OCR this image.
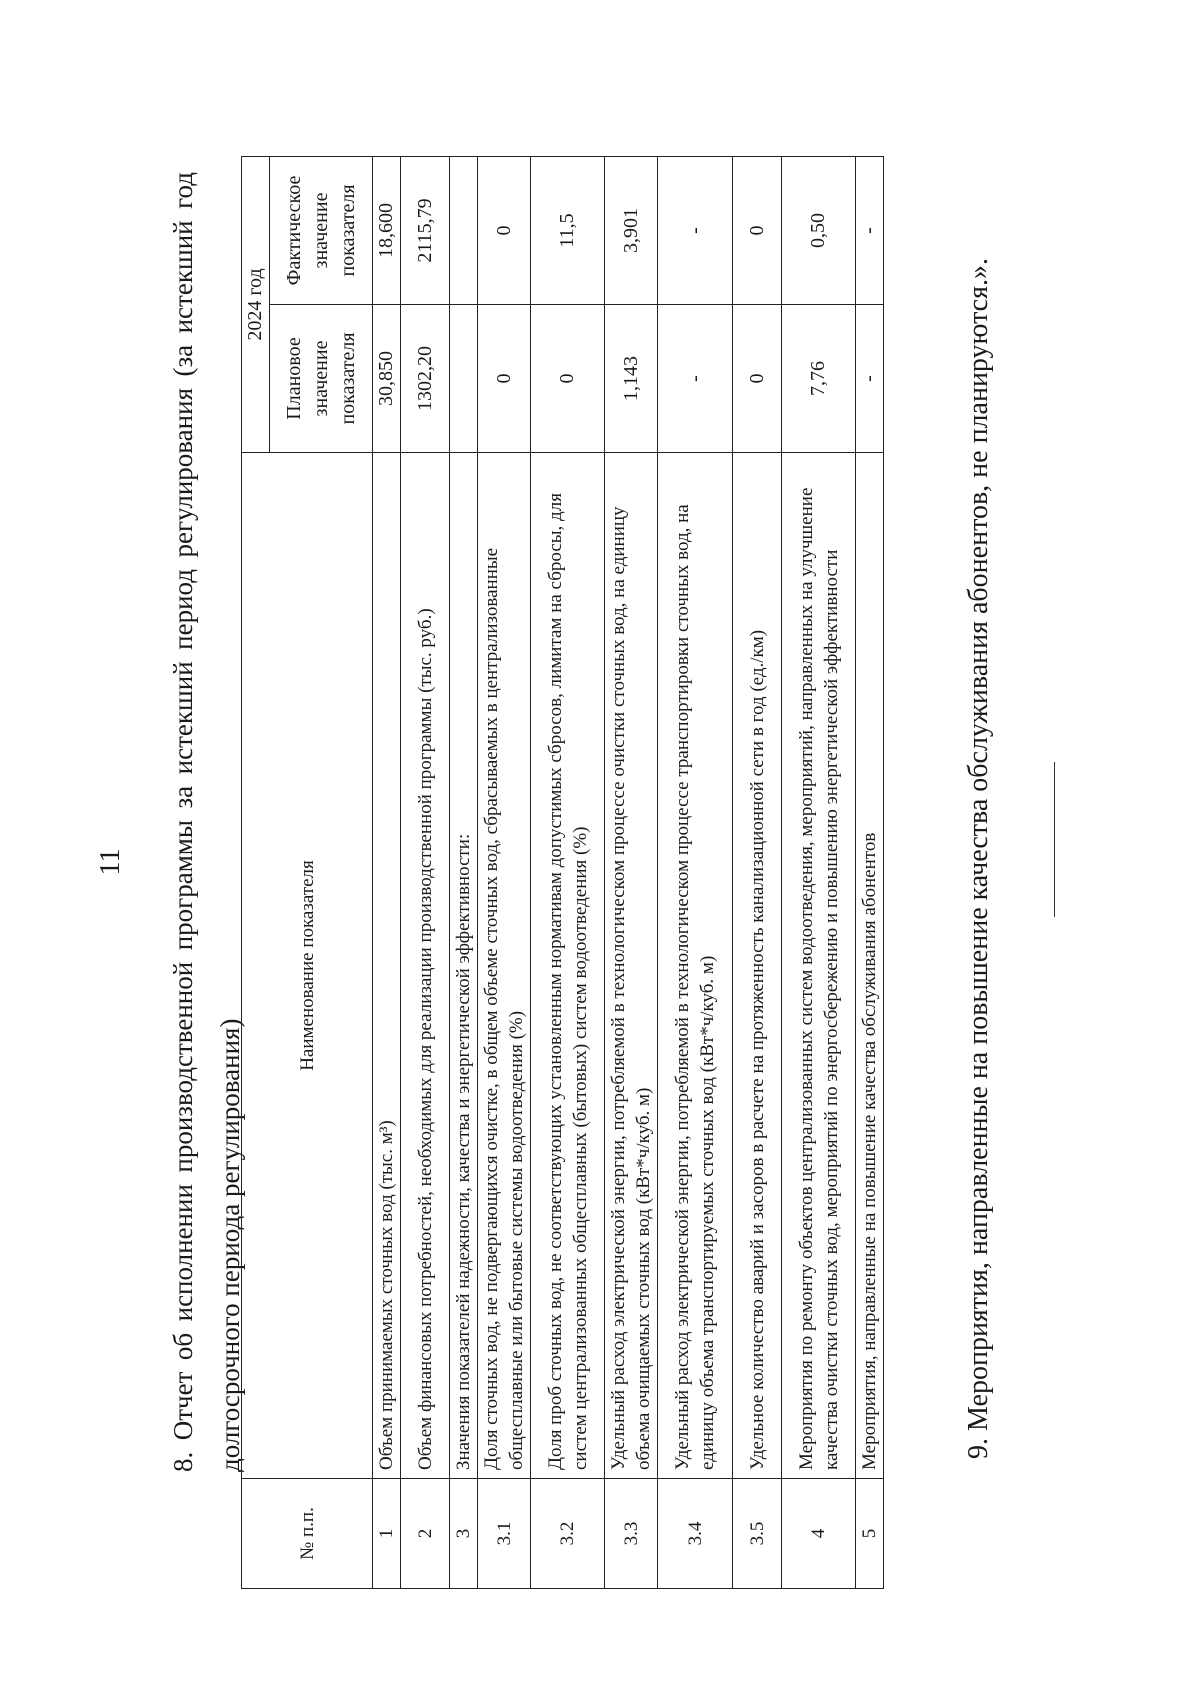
11 8. Отчет об исполнении производственной программы за истекший период регулирования (за истекший год долгосрочного периода регулирования)
№ п.п.	Наименование показателя	2024 год	
		Плановое значение показателя	Фактическое значение показателя
1	Объем принимаемых сточных вод (тыс. м³)	30,850	18,600
2	Объем финансовых потребностей, необходимых для реализации производственной программы (тыс. руб.)	1302,20	2115,79
3	Значения показателей надежности, качества и энергетической эффективности:		
3.1	Доля сточных вод, не подвергающихся очистке, в общем объеме сточных вод, сбрасываемых в централизованные общесплавные или бытовые системы водоотведения (%)	0	0
3.2	Доля проб сточных вод, не соответствующих установленным нормативам допустимых сбросов, лимитам на сбросы, для систем централизованных общесплавных (бытовых) систем водоотведения (%)	0	11,5
3.3	Удельный расход электрической энергии, потребляемой в технологическом процессе очистки сточных вод, на единицу объема очищаемых сточных вод (кВт*ч/куб. м)	1,143	3,901
3.4	Удельный расход электрической энергии, потребляемой в технологическом процессе транспортировки сточных вод, на единицу объема транспортируемых сточных вод (кВт*ч/куб. м)	-	-
3.5	Удельное количество аварий и засоров в расчете на протяженность канализационной сети в год (ед./км)	0	0
4	Мероприятия по ремонту объектов централизованных систем водоотведения, мероприятий, направленных на улучшение качества очистки сточных вод, мероприятий по энергосбережению и повышению энергетической эффективности	7,76	0,50
5	Мероприятия, направленные на повышение качества обслуживания абонентов	-	-
9. Мероприятия, направленные на повышение качества обслуживания абонентов, не планируются.».
